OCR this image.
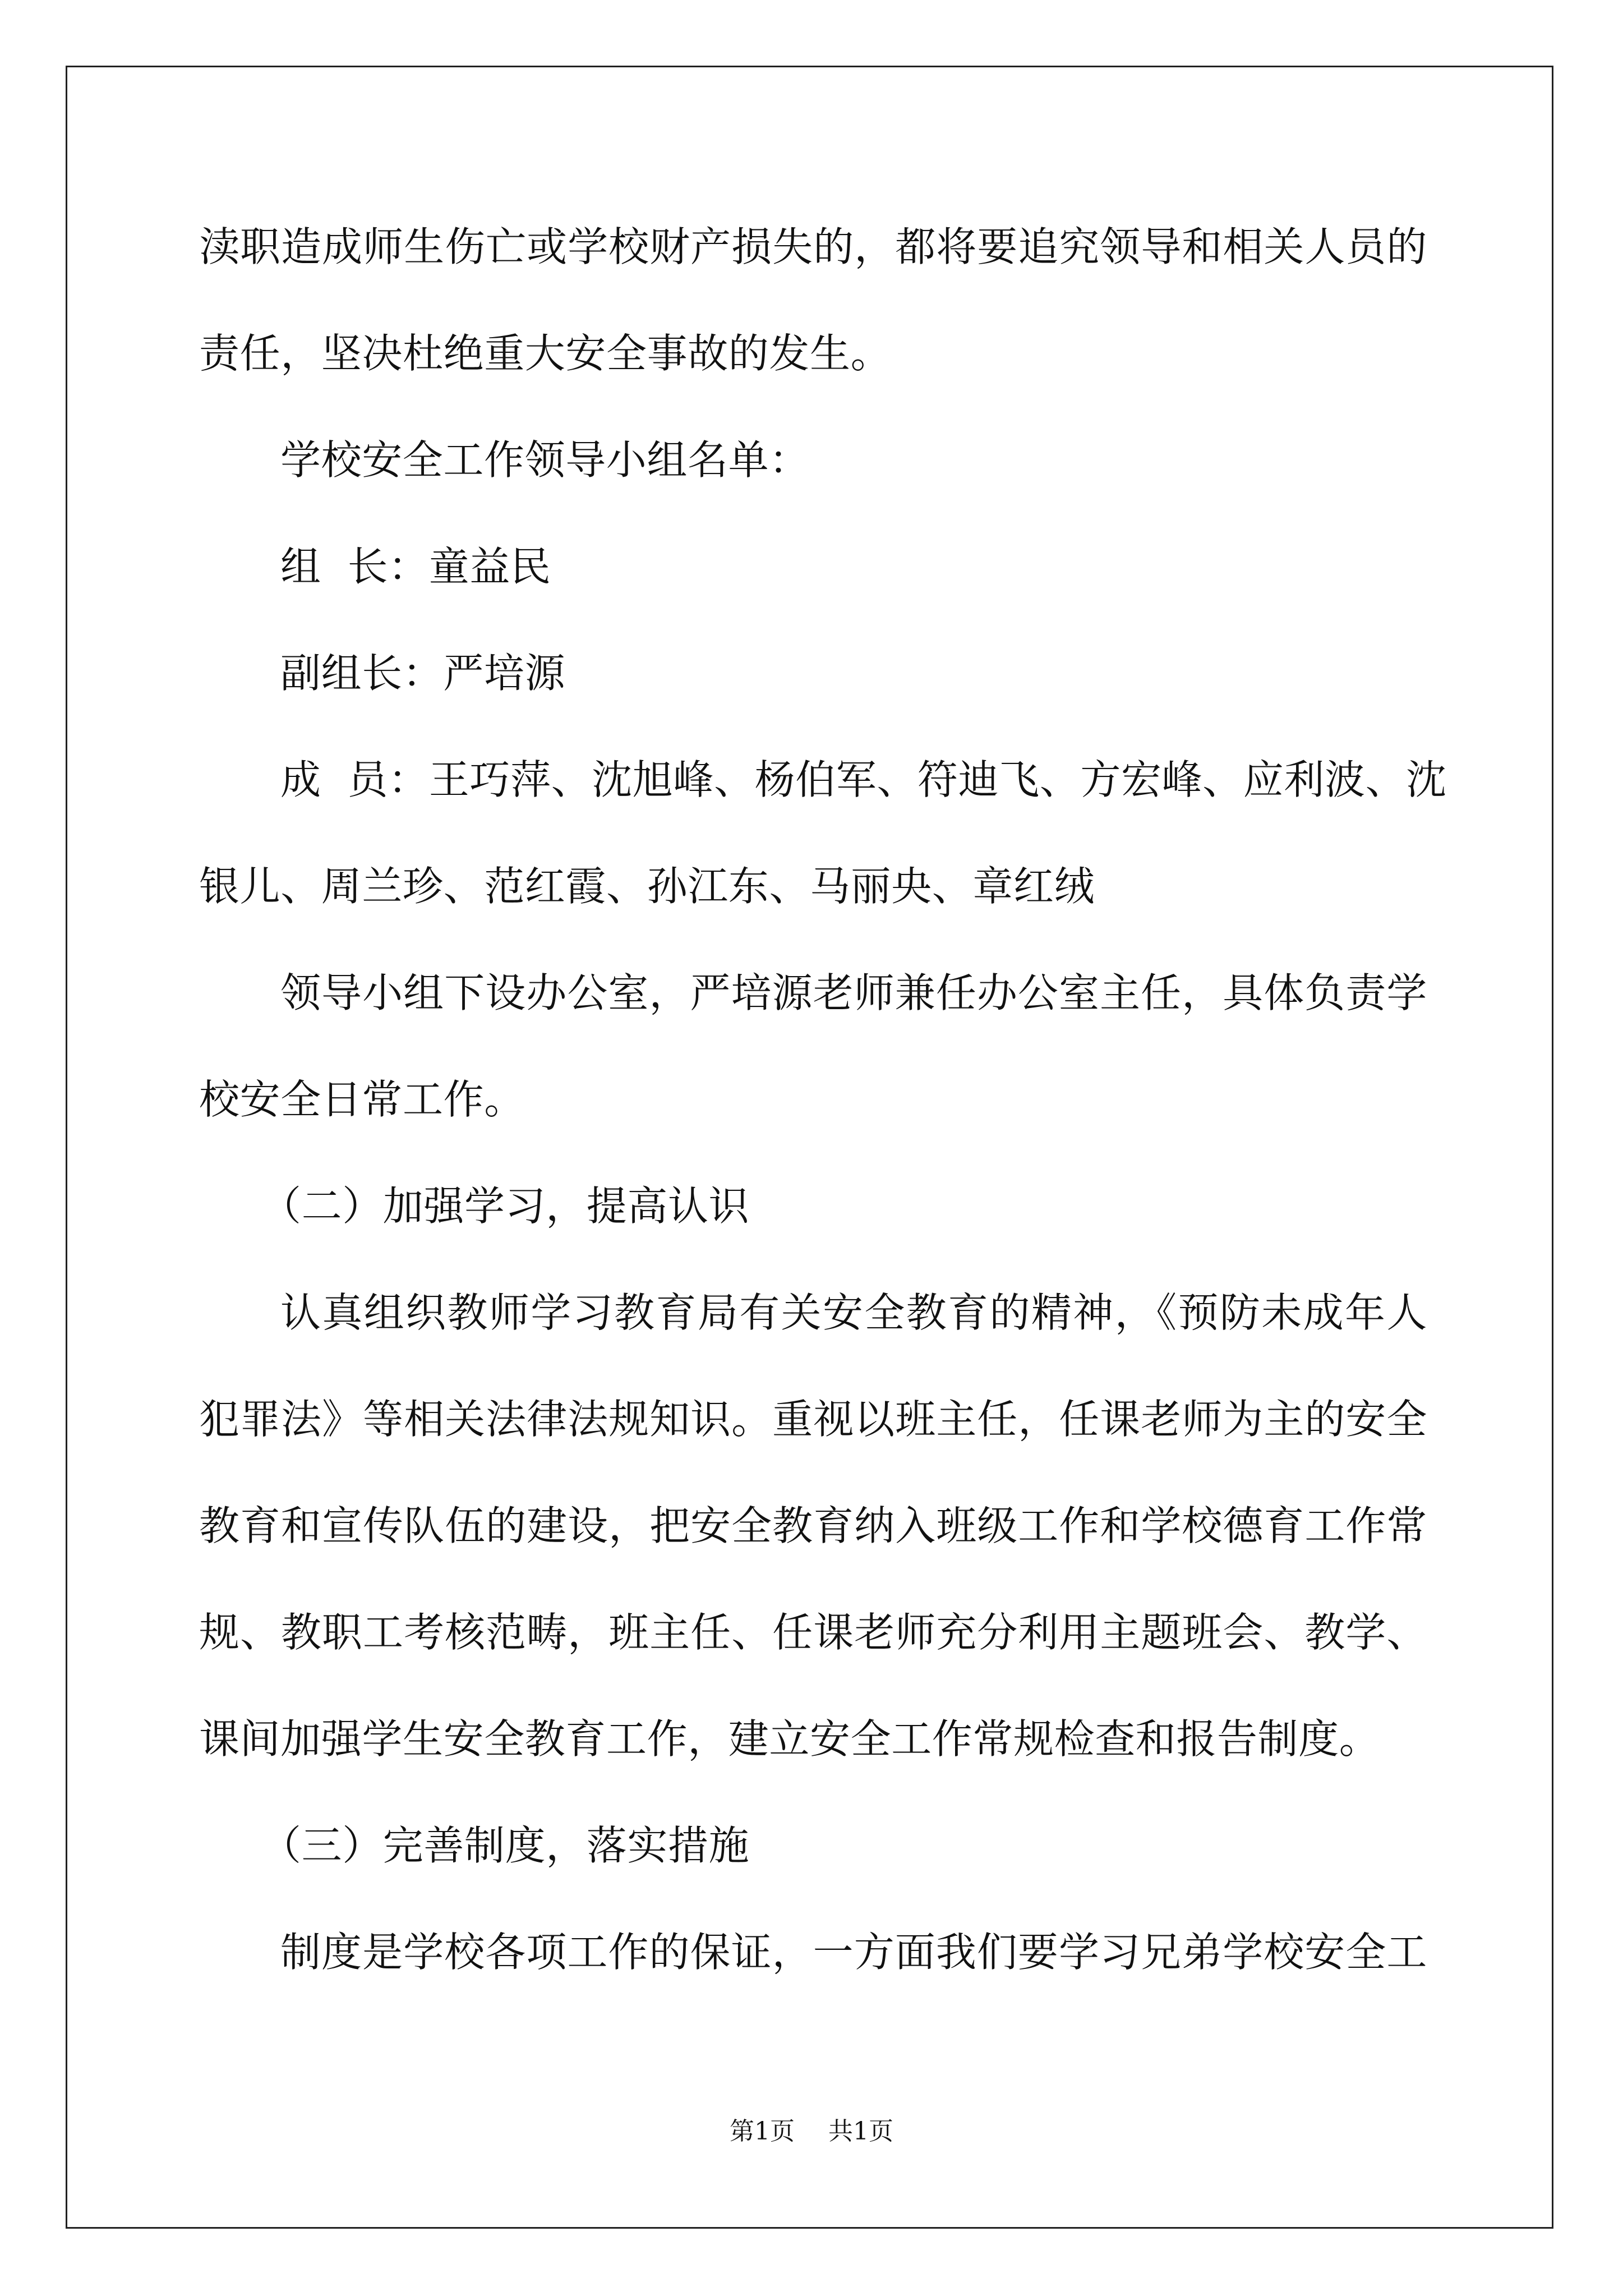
渎职造成师生伤亡或学校财产损失的，都将要追究领导和相关人员的
责任，坚决杜绝重大安全事故的发生。
学校安全工作领导小组名单：
组  长：童益民
副组长：严培源
成  员：王巧萍、沈旭峰、杨伯军、符迪飞、方宏峰、应利波、沈
银儿、周兰珍、范红霞、孙江东、马丽央、章红绒
领导小组下设办公室，严培源老师兼任办公室主任，具体负责学
校安全日常工作。
（二）加强学习，提高认识
认真组织教师学习教育局有关安全教育的精神，《预防未成年人
犯罪法》等相关法律法规知识。重视以班主任，任课老师为主的安全
教育和宣传队伍的建设，把安全教育纳入班级工作和学校德育工作常
规、教职工考核范畴，班主任、任课老师充分利用主题班会、教学、
课间加强学生安全教育工作，建立安全工作常规检查和报告制度。
（三）完善制度，落实措施
制度是学校各项工作的保证，一方面我们要学习兄弟学校安全工
第1页 共1页
